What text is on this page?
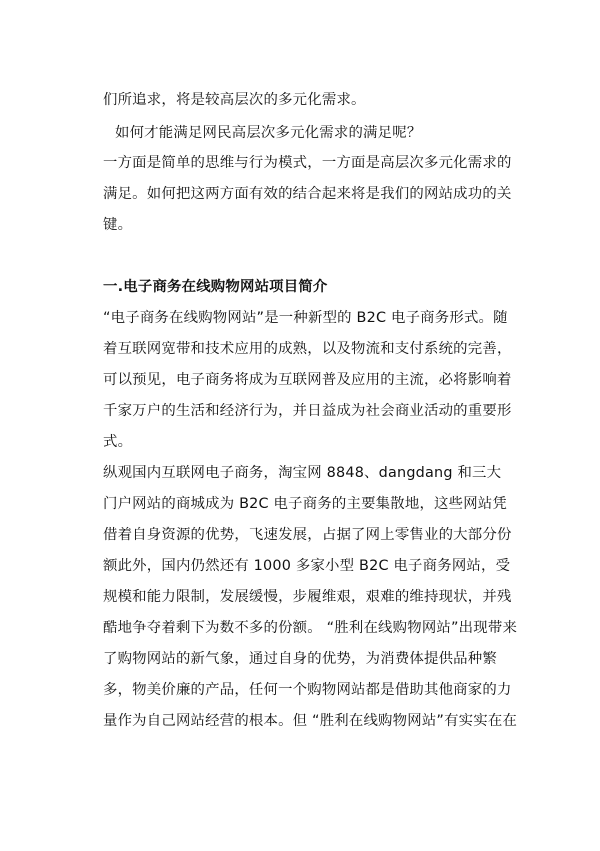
们所追求，将是较高层次的多元化需求。
如何才能满足网民高层次多元化需求的满足呢？
一方面是简单的思维与行为模式，一方面是高层次多元化需求的
满足。如何把这两方面有效的结合起来将是我们的网站成功的关
键。
一.电子商务在线购物网站项目简介
“电子商务在线购物网站”是一种新型的 B2C 电子商务形式。随
着互联网宽带和技术应用的成熟，以及物流和支付系统的完善，
可以预见，电子商务将成为互联网普及应用的主流，必将影响着
千家万户的生活和经济行为，并日益成为社会商业活动的重要形
式。
纵观国内互联网电子商务，淘宝网 8848、dangdang 和三大
门户网站的商城成为 B2C 电子商务的主要集散地，这些网站凭
借着自身资源的优势，飞速发展，占据了网上零售业的大部分份
额此外，国内仍然还有 1000 多家小型 B2C 电子商务网站，受
规模和能力限制，发展缓慢，步履维艰，艰难的维持现状，并残
酷地争夺着剩下为数不多的份额。 “胜利在线购物网站”出现带来
了购物网站的新气象，通过自身的优势，为消费体提供品种繁
多，物美价廉的产品，任何一个购物网站都是借助其他商家的力
量作为自己网站经营的根本。但 “胜利在线购物网站”有实实在在
